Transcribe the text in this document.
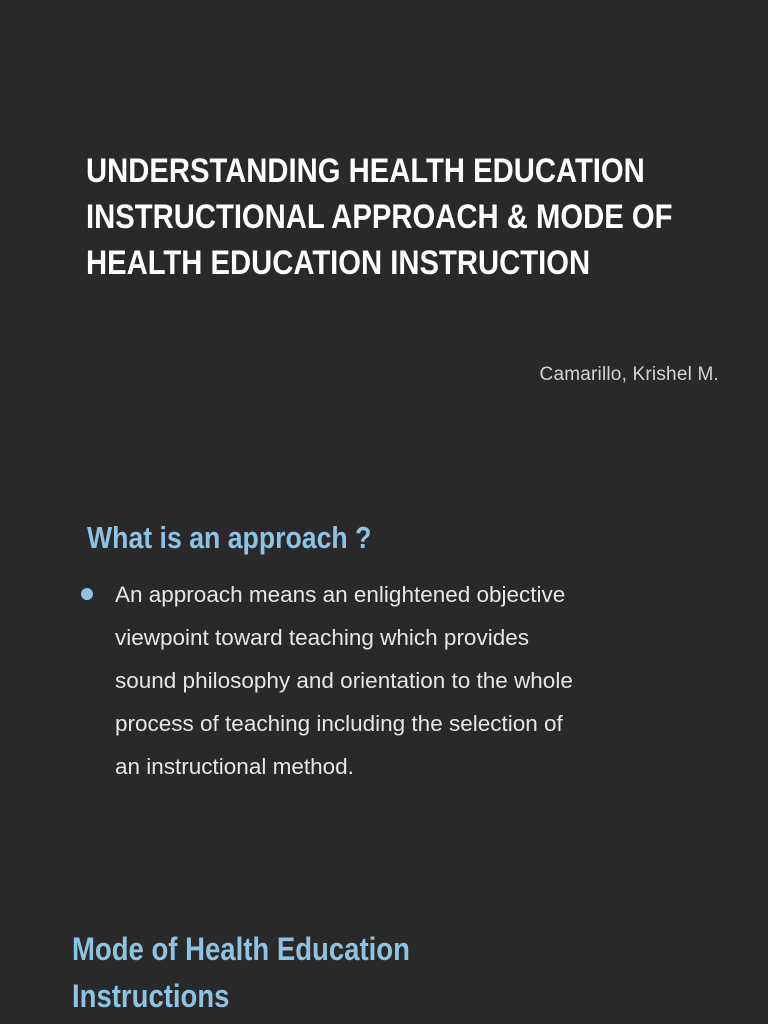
UNDERSTANDING HEALTH EDUCATION
INSTRUCTIONAL APPROACH & MODE OF
HEALTH EDUCATION INSTRUCTION
Camarillo, Krishel M.
What is an approach ?
An approach means an enlightened objective
viewpoint toward teaching which provides
sound philosophy and orientation to the whole
process of teaching including the selection of
an instructional method.
Mode of Health Education
Instructions
